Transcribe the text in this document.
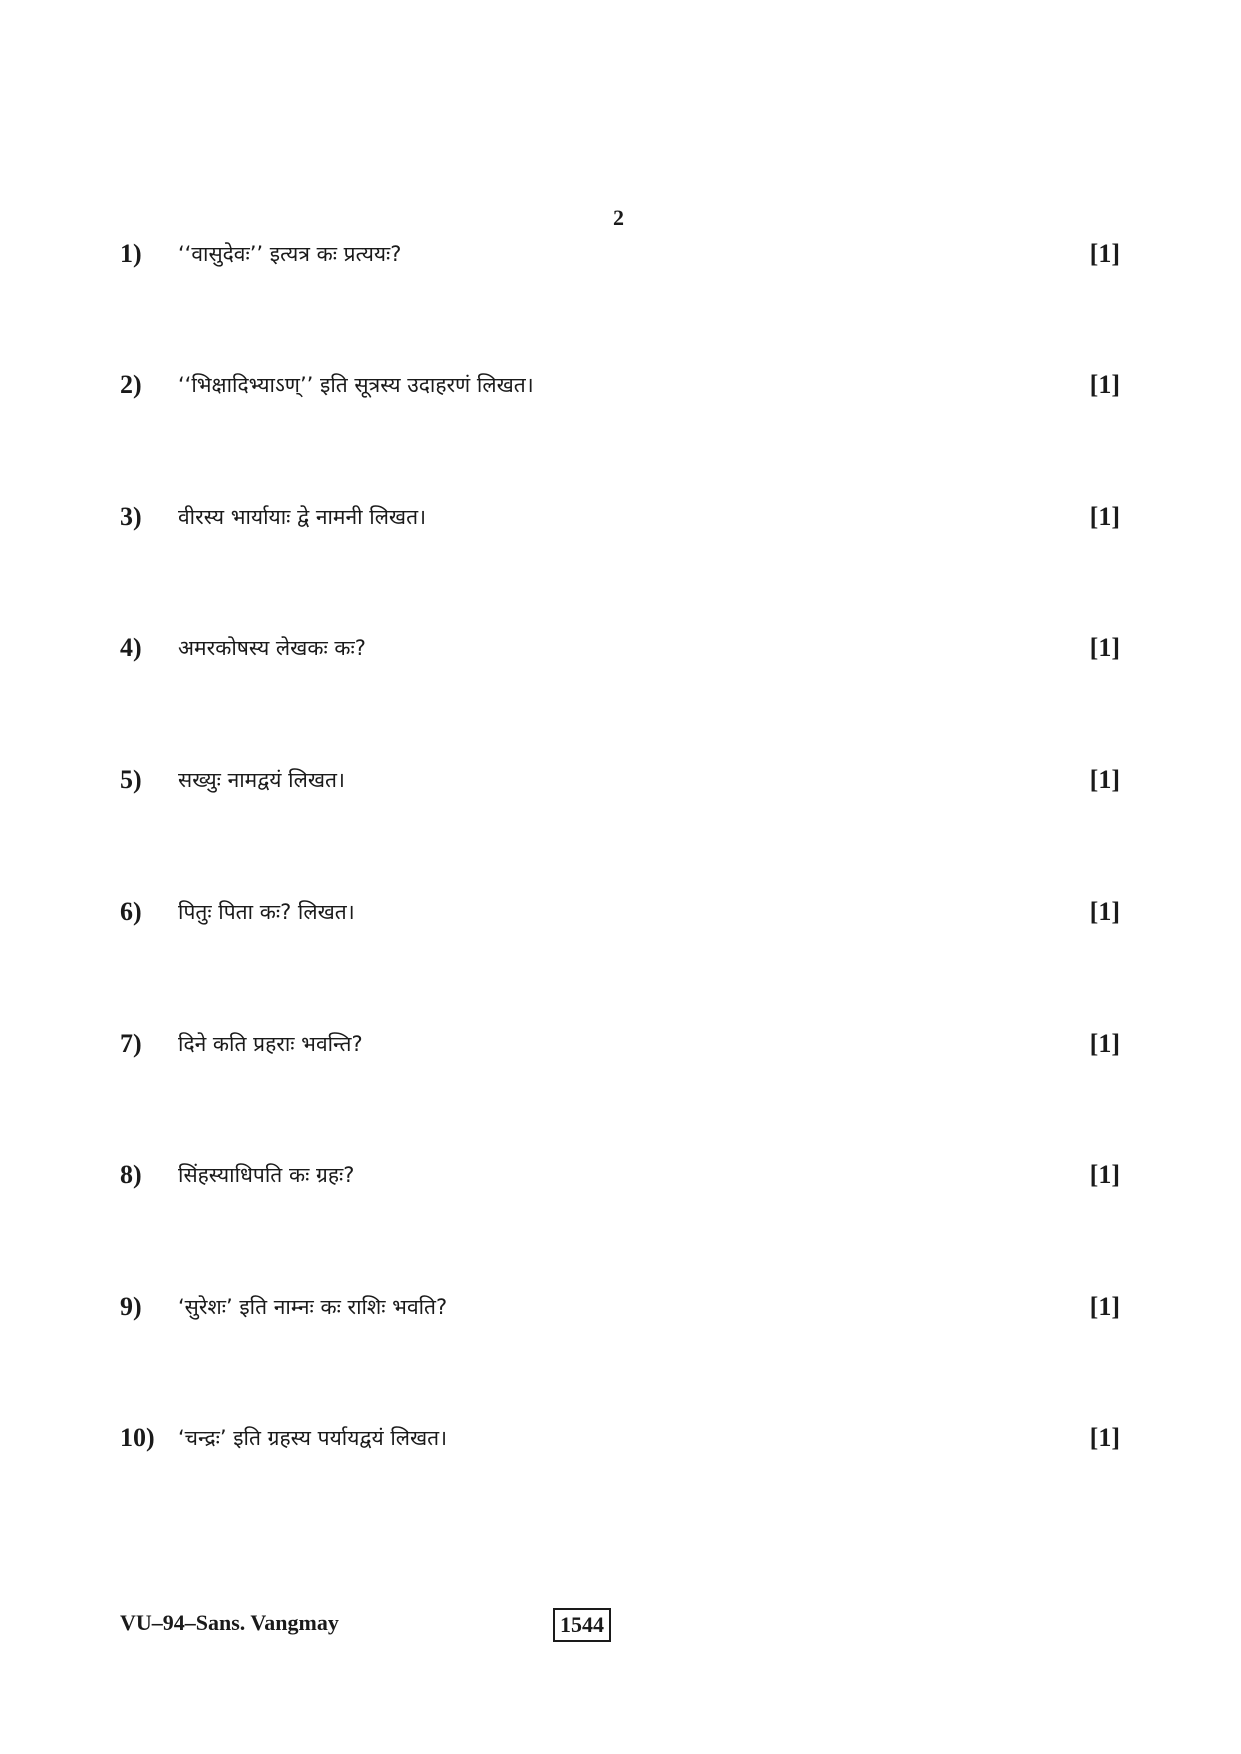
2
1) ‘‘वासुदेवः’’ इत्यत्र कः प्रत्ययः?	[1]
2) ‘‘भिक्षादिभ्याऽण्’’ इति सूत्रस्य उदाहरणं लिखत।	[1]
3) वीरस्य भार्यायाः द्वे नामनी लिखत।	[1]
4) अमरकोषस्य लेखकः कः?	[1]
5) सख्युः नामद्वयं लिखत।	[1]
6) पितुः पिता कः? लिखत।	[1]
7) दिने कति प्रहराः भवन्ति?	[1]
8) सिंहस्याधिपति कः ग्रहः?	[1]
9) ‘सुरेशः’ इति नाम्नः कः राशिः भवति?	[1]
10) ‘चन्द्रः’ इति ग्रहस्य पर्यायद्वयं लिखत।	[1]
VU–94–Sans. Vangmay	1544
